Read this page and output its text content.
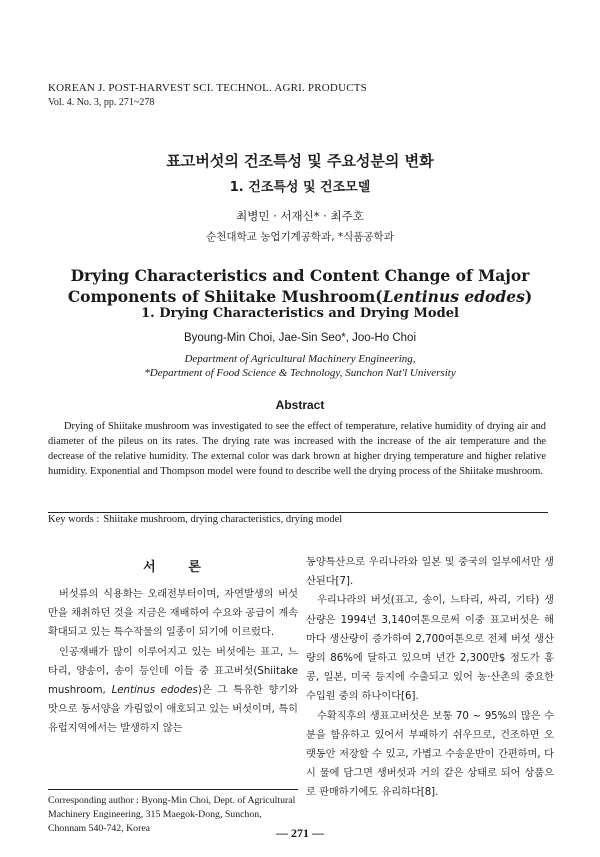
KOREAN J. POST-HARVEST SCI. TECHNOL. AGRI. PRODUCTS
Vol. 4. No. 3, pp. 271~278
표고버섯의 건조특성 및 주요성분의 변화
1. 건조특성 및 건조모델
최병민 · 서재신* · 최주호
순천대학교 농업기계공학과, *식품공학과
Drying Characteristics and Content Change of Major
Components of Shiitake Mushroom(Lentinus edodes)
1. Drying Characteristics and Drying Model
Byoung-Min Choi, Jae-Sin Seo*, Joo-Ho Choi
Department of Agricultural Machinery Engineering,
*Department of Food Science & Technology, Sunchon Nat'l University
Abstract

Drying of Shiitake mushroom was investigated to see the effect of temperature, relative humidity of drying air and diameter of the pileus on its rates. The drying rate was increased with the increase of the air temperature and the decrease of the relative humidity. The external color was dark brown at higher drying temperature and higher relative humidity. Exponential and Thompson model were found to describe well the drying process of the Shiitake mushroom.

Key words : Shiitake mushroom, drying characteristics, drying model
서 론

버섯류의 식용화는 오래전부터이며, 자연발생의 버섯만을 채취하던 것을 지금은 재배하여 수요와 공급이 계속 확대되고 있는 특수작물의 일종이 되기에 이르렀다.

인공재배가 많이 이루어지고 있는 버섯에는 표고, 느타리, 양송이, 송이 등인데 이들 중 표고버섯(Shiitake mushroom, Lentinus edodes)은 그 특유한 향기와 맛으로 동서양을 가림없이 애호되고 있는 버섯이며, 특히 유럽지역에서는 발생하지 않는

동양특산으로 우리나라와 일본 및 중국의 일부에서만 생산된다[7].

우리나라의 버섯(표고, 송이, 느타리, 싸리, 기타) 생산량은 1994년 3,140여톤으로써 이중 표고버섯은 해마다 생산량이 증가하여 2,700여톤으로 전체 버섯 생산량의 86%에 달하고 있으며 년간 2,300만$ 정도가 홍콩, 일본, 미국 등지에 수출되고 있어 농·산촌의 중요한 수입원 중의 하나이다[6].

수확직후의 생표고버섯은 보통 70 ~ 95%의 많은 수분을 함유하고 있어서 부패하기 쉬우므로, 건조하면 오랫동안 저장할 수 있고, 가볍고 수송운반이 간편하며, 다시 물에 담그면 생버섯과 거의 같은 상태로 되어 상품으로 판매하기에도 유리하다[8].

Corresponding author : Byong-Min Choi, Dept. of Agricultural Machinery Engineering, 315 Maegok-Dong, Sunchon, Chonnam 540-742, Korea	— 271 —
